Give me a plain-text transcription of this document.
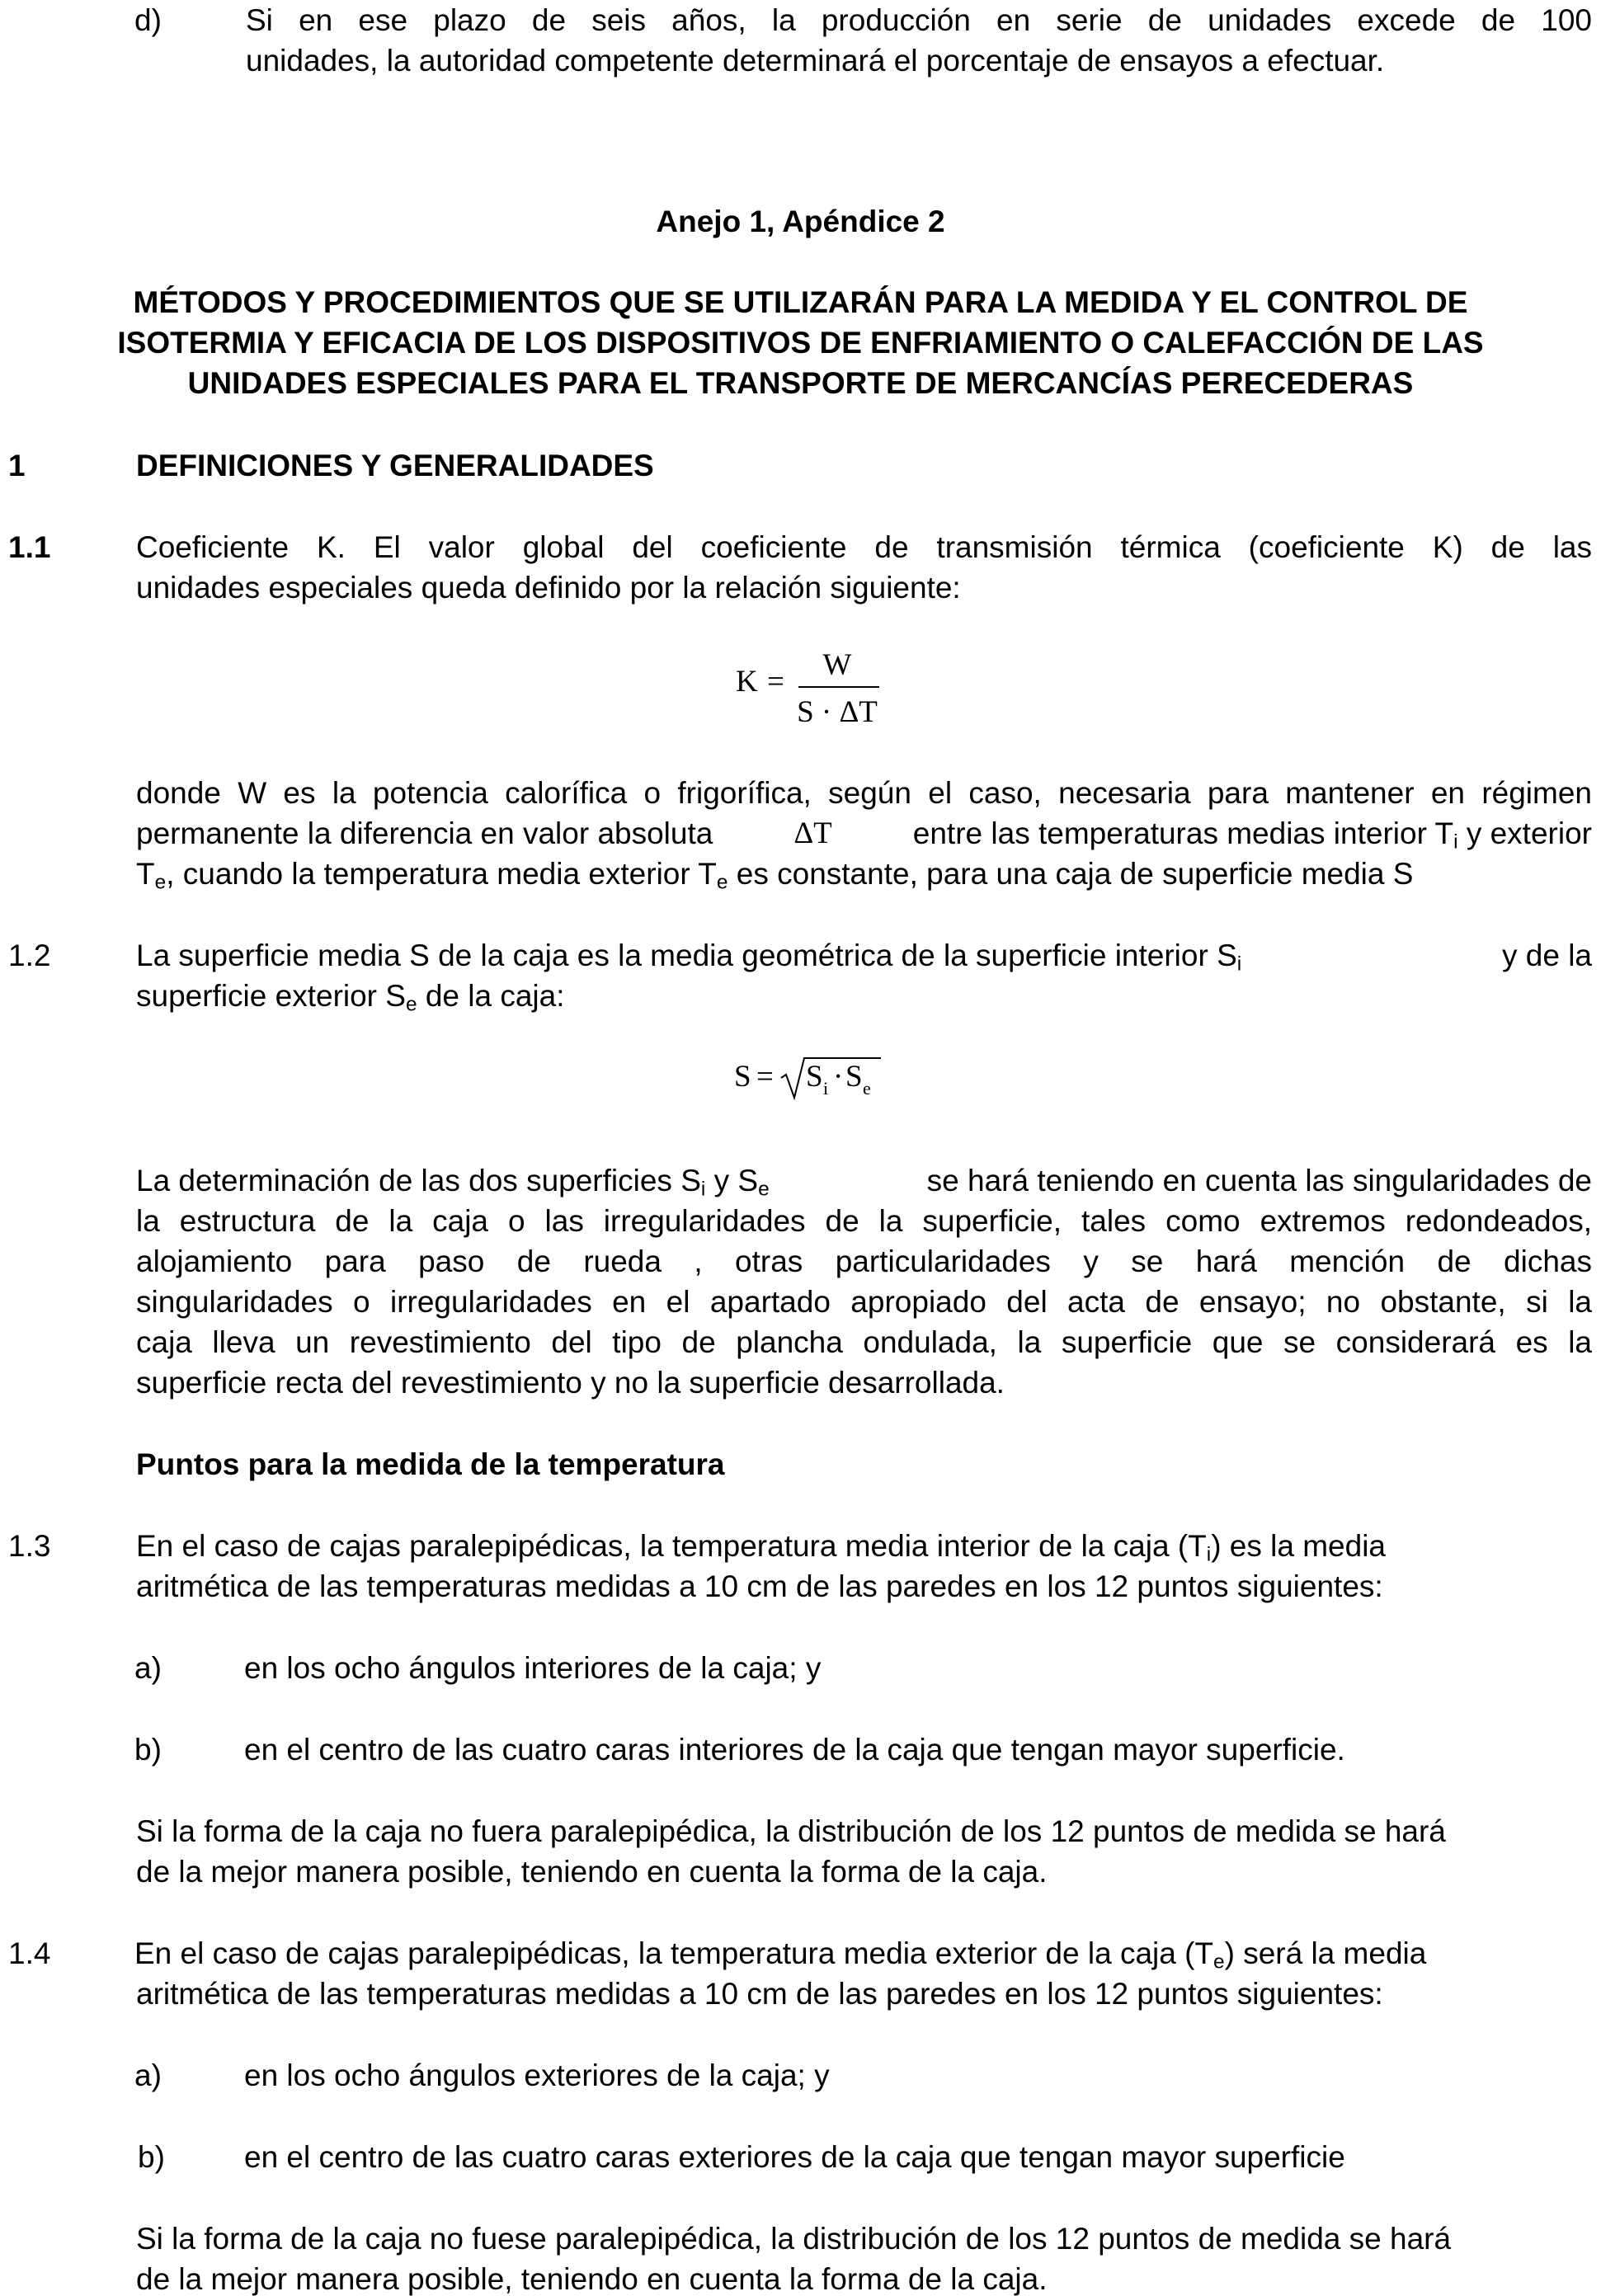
d)	Si en ese plazo de seis años, la producción en serie de unidades excede de 100
unidades, la autoridad competente determinará el porcentaje de ensayos a efectuar.
Anejo 1, Apéndice 2
MÉTODOS Y PROCEDIMIENTOS QUE SE UTILIZARÁN PARA LA MEDIDA Y EL CONTROL DE
ISOTERMIA Y EFICACIA DE LOS DISPOSITIVOS DE ENFRIAMIENTO O CALEFACCIÓN DE LAS
UNIDADES ESPECIALES PARA EL TRANSPORTE DE MERCANCÍAS PERECEDERAS
1	DEFINICIONES Y GENERALIDADES
1.1	Coeficiente K. El valor global del coeficiente de transmisión térmica (coeficiente K) de las
unidades especiales queda definido por la relación siguiente:
K = W
S · ΔT
donde W es la potencia calorífica o frigorífica, según el caso, necesaria para mantener en régimen
permanente la diferencia en valor absoluta ΔT entre las temperaturas medias interior $T_i$ y exterior
$T_e$, cuando la temperatura media exterior $T_e$ es constante, para una caja de superficie media S
1.2	La superficie media S de la caja es la media geométrica de la superficie interior $S_i$	y de la
superficie exterior $S_e$ de la caja:
S = S i · S e
La determinación de las dos superficies $S_i$ y $S_e$	se hará teniendo en cuenta las singularidades de
la estructura de la caja o las irregularidades de la superficie, tales como extremos redondeados,
alojamiento para paso de rueda , otras particularidades y se hará mención de dichas
singularidades o irregularidades en el apartado apropiado del acta de ensayo; no obstante, si la
caja lleva un revestimiento del tipo de plancha ondulada, la superficie que se considerará es la
superficie recta del revestimiento y no la superficie desarrollada.
Puntos para la medida de la temperatura
1.3	En el caso de cajas paralepipédicas, la temperatura media interior de la caja $(T_i)$ es la media
aritmética de las temperaturas medidas a 10 cm de las paredes en los 12 puntos siguientes:
a)	en los ocho ángulos interiores de la caja; y
b)	en el centro de las cuatro caras interiores de la caja que tengan mayor superficie.
Si la forma de la caja no fuera paralepipédica, la distribución de los 12 puntos de medida se hará
de la mejor manera posible, teniendo en cuenta la forma de la caja.
1.4	En el caso de cajas paralepipédicas, la temperatura media exterior de la caja $(T_e)$ será la media
aritmética de las temperaturas medidas a 10 cm de las paredes en los 12 puntos siguientes:
a)	en los ocho ángulos exteriores de la caja; y
b)	en el centro de las cuatro caras exteriores de la caja que tengan mayor superficie
Si la forma de la caja no fuese paralepipédica, la distribución de los 12 puntos de medida se hará
de la mejor manera posible, teniendo en cuenta la forma de la caja.
